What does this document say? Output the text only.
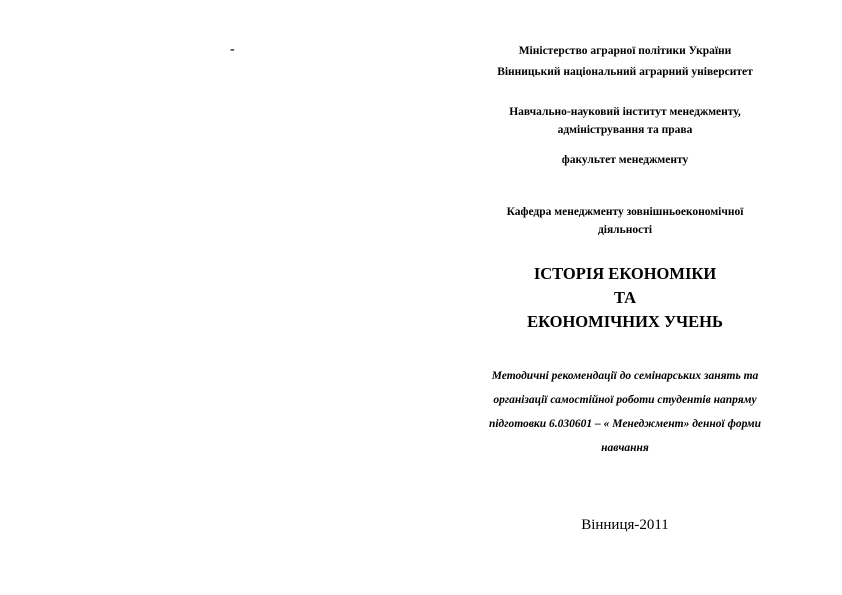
-	Міністерство аграрної політики України
Вінницький національний аграрний університет
Навчально-науковий інститут менеджменту,
адміністрування та права
факультет менеджменту
Кафедра менеджменту зовнішньоекономічної
діяльності
ІСТОРІЯ ЕКОНОМІКИ
ТА
ЕКОНОМІЧНИХ УЧЕНЬ
Методичні рекомендації до семінарських занять та
організації самостійної роботи студентів напряму
підготовки 6.030601 – « Менеджмент» денної форми
навчання
Вінниця-2011
